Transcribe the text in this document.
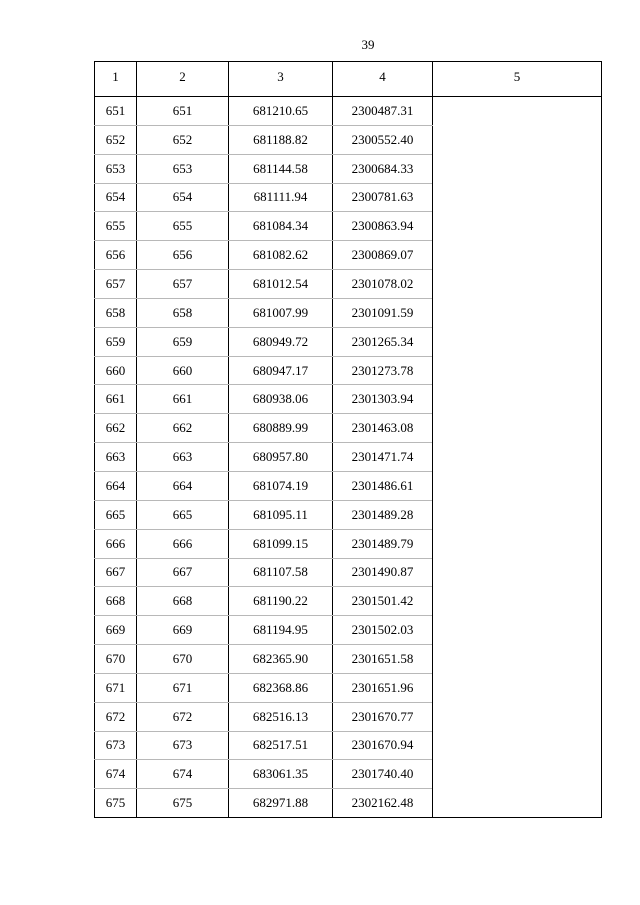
39
1	2	3	4	5
651	651	681210.65	2300487.31	
652	652	681188.82	2300552.40	
653	653	681144.58	2300684.33	
654	654	681111.94	2300781.63	
655	655	681084.34	2300863.94	
656	656	681082.62	2300869.07	
657	657	681012.54	2301078.02	
658	658	681007.99	2301091.59	
659	659	680949.72	2301265.34	
660	660	680947.17	2301273.78	
661	661	680938.06	2301303.94	
662	662	680889.99	2301463.08	
663	663	680957.80	2301471.74	
664	664	681074.19	2301486.61	
665	665	681095.11	2301489.28	
666	666	681099.15	2301489.79	
667	667	681107.58	2301490.87	
668	668	681190.22	2301501.42	
669	669	681194.95	2301502.03	
670	670	682365.90	2301651.58	
671	671	682368.86	2301651.96	
672	672	682516.13	2301670.77	
673	673	682517.51	2301670.94	
674	674	683061.35	2301740.40	
675	675	682971.88	2302162.48	
